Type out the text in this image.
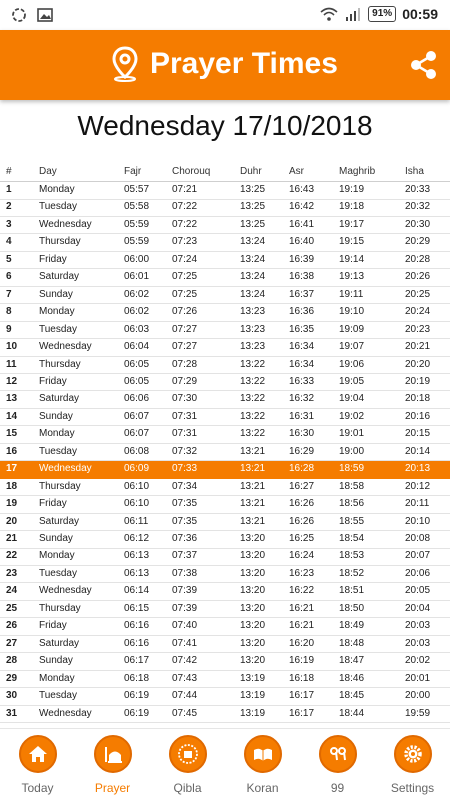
91% 00:59
Prayer Times
Wednesday 17/10/2018
#	Day	Fajr	Chorouq	Duhr	Asr	Maghrib	Isha
1	Monday	05:57 07:21	13:25 16:43 19:19	20:33
2	Tuesday	05:58 07:22	13:25 16:42 19:18	20:32
3	Wednesday	05:59 07:22	13:25 16:41 19:17	20:30
4	Thursday	05:59 07:23	13:24 16:40 19:15	20:29
5	Friday	06:00 07:24	13:24 16:39 19:14	20:28
6	Saturday	06:01 07:25	13:24 16:38 19:13	20:26
7	Sunday	06:02 07:25	13:24 16:37 19:11	20:25
8	Monday	06:02 07:26	13:23 16:36 19:10	20:24
9	Tuesday	06:03 07:27	13:23 16:35 19:09	20:23
10 Wednesday	06:04 07:27	13:23 16:34 19:07	20:21
11 Thursday	06:05 07:28	13:22 16:34 19:06	20:20
12 Friday	06:05 07:29	13:22 16:33 19:05	20:19
13 Saturday	06:06 07:30	13:22 16:32 19:04	20:18
14 Sunday	06:07 07:31	13:22 16:31 19:02	20:16
15 Monday	06:07 07:31	13:22 16:30 19:01	20:15
16 Tuesday	06:08 07:32	13:21 16:29 19:00	20:14
17 Wednesday	06:09 07:33	13:21 16:28 18:59	20:13
18 Thursday	06:10 07:34	13:21 16:27 18:58	20:12
19 Friday	06:10 07:35	13:21 16:26 18:56	20:11
20 Saturday	06:11 07:35	13:21 16:26 18:55	20:10
21 Sunday	06:12 07:36	13:20 16:25 18:54	20:08
22 Monday	06:13 07:37	13:20 16:24 18:53	20:07
23 Tuesday	06:13 07:38	13:20 16:23 18:52	20:06
24 Wednesday	06:14 07:39	13:20 16:22 18:51	20:05
25 Thursday	06:15 07:39	13:20 16:21 18:50	20:04
26 Friday	06:16 07:40	13:20 16:21 18:49	20:03
27 Saturday	06:16 07:41	13:20 16:20 18:48	20:03
28 Sunday	06:17 07:42	13:20 16:19 18:47	20:02
29 Monday	06:18 07:43	13:19 16:18 18:46	20:01
30 Tuesday	06:19 07:44	13:19 16:17 18:45	20:00
31 Wednesday	06:19 07:45	13:19 16:17 18:44	19:59
Today	Prayer	Qibla	Koran	99	Settings
